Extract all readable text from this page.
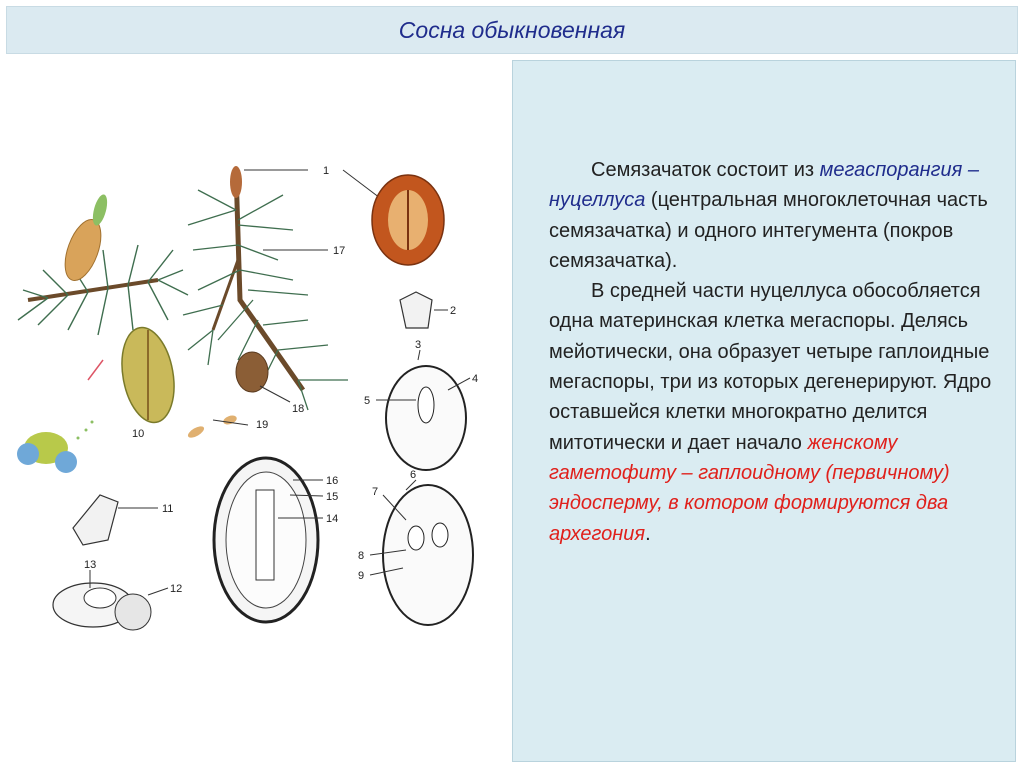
Сосна обыкновенная
10
11
12
13
1
17
18
19
2
3
4
5
6
7
8
9
16
15
14

Семязачаток состоит из мегаспорангия – нуцеллуса (центральная многоклеточная часть семязачатка) и одного интегумента (покров семязачатка).

В средней части нуцеллуса обособляется одна материнская клетка мегаспоры. Делясь мейотически, она образует четыре гаплоидные мегаспоры, три из которых дегенерируют. Ядро оставшейся клетки многократно делится митотически и дает начало женскому гаметофиту – гаплоидному (первичному) эндосперму, в котором формируются два архегония.
